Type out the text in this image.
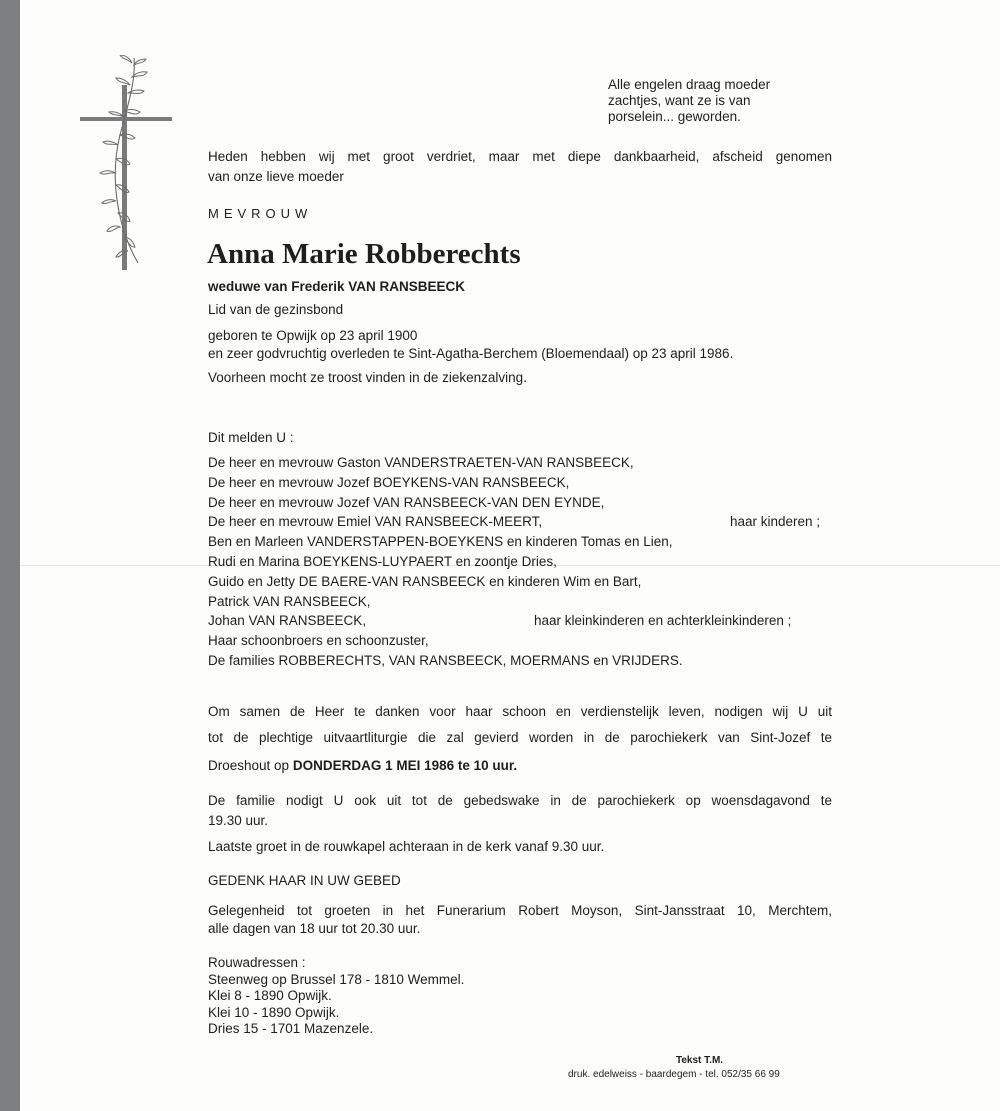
Alle engelen draag moeder
zachtjes, want ze is van
porselein... geworden.
Heden hebben wij met groot verdriet, maar met diepe dankbaarheid, afscheid genomen
van onze lieve moeder
MEVROUW
Anna Marie Robberechts
weduwe van Frederik VAN RANSBEECK
Lid van de gezinsbond
geboren te Opwijk op 23 april 1900
en zeer godvruchtig overleden te Sint-Agatha-Berchem (Bloemendaal) op 23 april 1986.
Voorheen mocht ze troost vinden in de ziekenzalving.
Dit melden U :
De heer en mevrouw Gaston VANDERSTRAETEN-VAN RANSBEECK,
De heer en mevrouw Jozef BOEYKENS-VAN RANSBEECK,
De heer en mevrouw Jozef VAN RANSBEECK-VAN DEN EYNDE,
De heer en mevrouw Emiel VAN RANSBEECK-MEERT,	haar kinderen ;
Ben en Marleen VANDERSTAPPEN-BOEYKENS en kinderen Tomas en Lien,
Rudi en Marina BOEYKENS-LUYPAERT en zoontje Dries,
Guido en Jetty DE BAERE-VAN RANSBEECK en kinderen Wim en Bart,
Patrick VAN RANSBEECK,
Johan VAN RANSBEECK,	haar kleinkinderen en achterkleinkinderen ;
Haar schoonbroers en schoonzuster,
De families ROBBERECHTS, VAN RANSBEECK, MOERMANS en VRIJDERS.
Om samen de Heer te danken voor haar schoon en verdienstelijk leven, nodigen wij U uit
tot de plechtige uitvaartliturgie die zal gevierd worden in de parochiekerk van Sint-Jozef te
Droeshout op DONDERDAG 1 MEI 1986 te 10 uur.
De familie nodigt U ook uit tot de gebedswake in de parochiekerk op woensdagavond te
19.30 uur.
Laatste groet in de rouwkapel achteraan in de kerk vanaf 9.30 uur.
GEDENK HAAR IN UW GEBED
Gelegenheid tot groeten in het Funerarium Robert Moyson, Sint-Jansstraat 10, Merchtem,
alle dagen van 18 uur tot 20.30 uur.
Rouwadressen :
Steenweg op Brussel 178 - 1810 Wemmel.
Klei 8 - 1890 Opwijk.
Klei 10 - 1890 Opwijk.
Dries 15 - 1701 Mazenzele.
Tekst T.M.
druk. edelweiss - baardegem - tel. 052/35 66 99
